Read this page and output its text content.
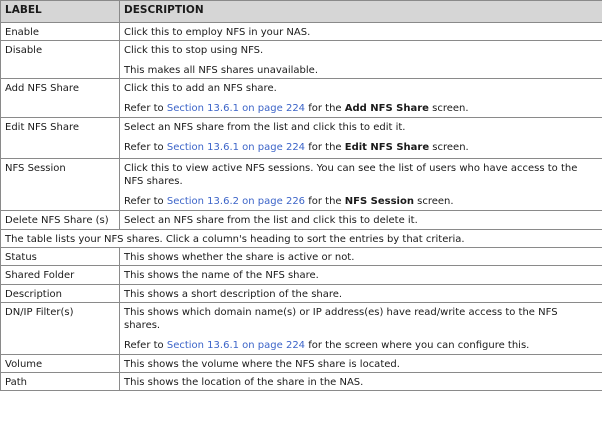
LABEL	DESCRIPTION
Enable	Click this to employ NFS in your NAS.

Disable	Click this to stop using NFS.

This makes all NFS shares unavailable.

Add NFS Share	Click this to add an NFS share.

Refer to Section 13.6.1 on page 224 for the Add NFS Share screen.

Edit NFS Share	Select an NFS share from the list and click this to edit it.

Refer to Section 13.6.1 on page 224 for the Edit NFS Share screen.

NFS Session	Click this to view active NFS sessions. You can see the list of users who have access to the NFS shares.

Refer to Section 13.6.2 on page 226 for the NFS Session screen.

Delete NFS Share (s)	Select an NFS share from the list and click this to delete it.

The table lists your NFS shares. Click a column's heading to sort the entries by that criteria.	
Status	This shows whether the share is active or not.

Shared Folder	This shows the name of the NFS share.

Description	This shows a short description of the share.

DN/IP Filter(s)	This shows which domain name(s) or IP address(es) have read/write access to the NFS shares.

Refer to Section 13.6.1 on page 224 for the screen where you can configure this.

Volume	This shows the volume where the NFS share is located.

Path	This shows the location of the share in the NAS.
